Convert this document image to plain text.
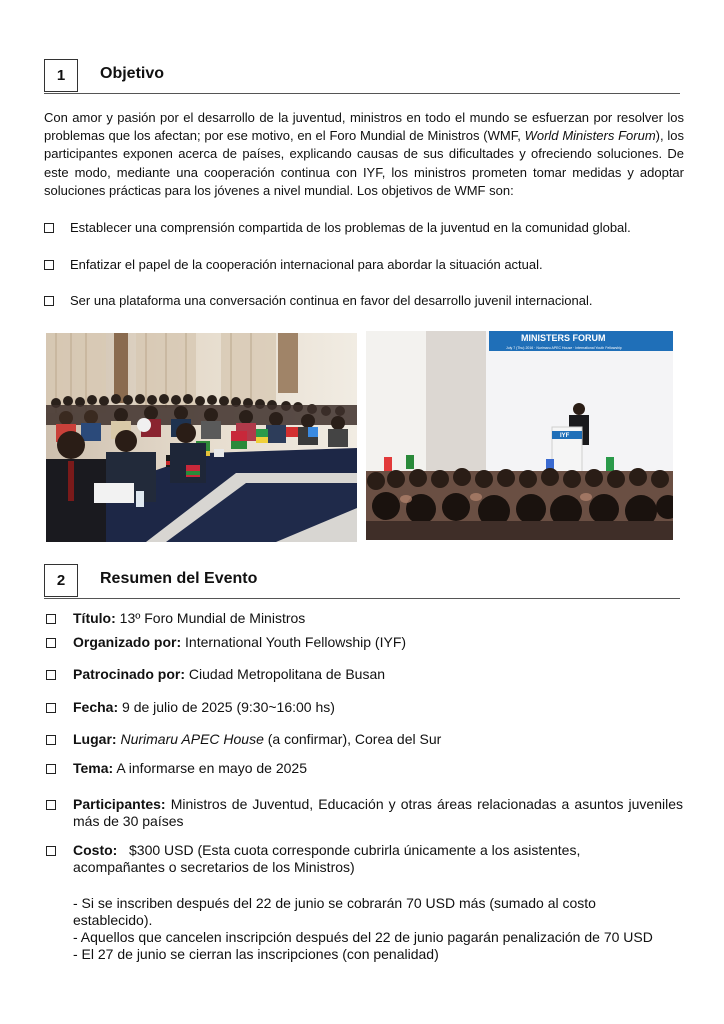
1	Objetivo
Con amor y pasión por el desarrollo de la juventud, ministros en todo el mundo se esfuerzan por resolver los problemas que los afectan; por ese motivo, en el Foro Mundial de Ministros (WMF, World Ministers Forum), los participantes exponen acerca de países, explicando causas de sus dificultades y ofreciendo soluciones. De este modo, mediante una cooperación continua con IYF, los ministros prometen tomar medidas y adoptar soluciones prácticas para los jóvenes a nivel mundial. Los objetivos de WMF son:
Establecer una comprensión compartida de los problemas de la juventud en la comunidad global.
Enfatizar el papel de la cooperación internacional para abordar la situación actual.
Ser una plataforma una conversación continua en favor del desarrollo juvenil internacional.
MINISTERS FORUM
July 7 (Thu) 2016 · Nurimaru APEC House · International Youth Fellowship
IYF
2	Resumen del Evento
Título: 13º Foro Mundial de Ministros
Organizado por: International Youth Fellowship (IYF)
Patrocinado por: Ciudad Metropolitana de Busan
Fecha: 9 de julio de 2025 (9:30~16:00 hs)
Lugar: Nurimaru APEC House (a confirmar), Corea del Sur
Tema: A informarse en mayo de 2025
Participantes: Ministros de Juventud, Educación y otras áreas relacionadas a asuntos juveniles más de 30 países
Costo: $300 USD (Esta cuota corresponde cubrirla únicamente a los asistentes, acompañantes o secretarios de los Ministros)
- Si se inscriben después del 22 de junio se cobrarán 70 USD más (sumado al costo establecido).
- Aquellos que cancelen inscripción después del 22 de junio pagarán penalización de 70 USD
- El 27 de junio se cierran las inscripciones (con penalidad)
